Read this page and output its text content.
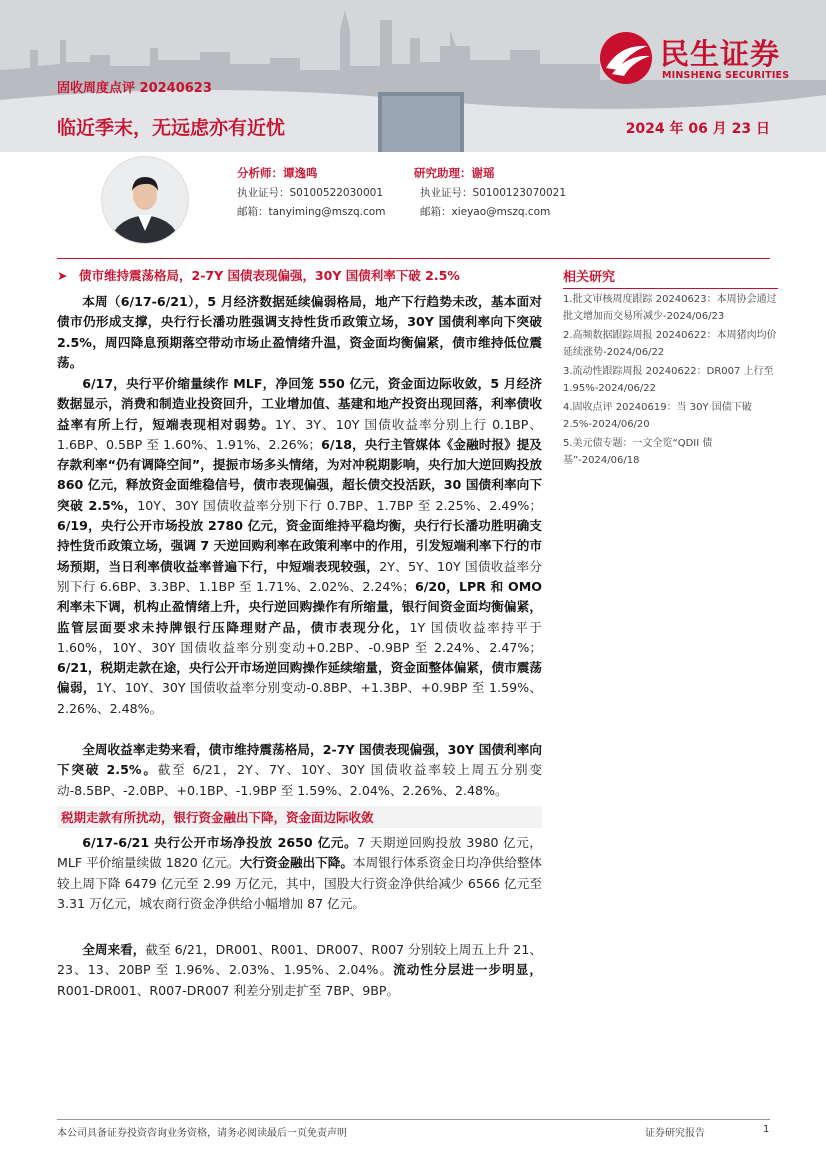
固收周度点评 20240623
临近季末，无远虑亦有近忧	2024 年 06 月 23 日
民生证券
MINSHENG SECURITIES
分析师：谭逸鸣
执业证号：S0100522030001
邮箱：tanyiming@mszq.com
研究助理：谢瑶
执业证号：S0100123070021
邮箱：xieyao@mszq.com
➤ 债市维持震荡格局，2-7Y 国债表现偏强，30Y 国债利率下破 2.5%

本周（6/17-6/21），5 月经济数据延续偏弱格局，地产下行趋势未改，基本面对债市仍形成支撑，央行行长潘功胜强调支持性货币政策立场，30Y 国债利率向下突破 2.5%，周四降息预期落空带动市场止盈情绪升温，资金面均衡偏紧，债市维持低位震荡。

6/17，央行平价缩量续作 MLF，净回笼 550 亿元，资金面边际收敛，5 月经济数据显示，消费和制造业投资回升，工业增加值、基建和地产投资出现回落，利率债收益率有所上行，短端表现相对弱势。1Y、3Y、10Y 国债收益率分别上行 0.1BP、1.6BP、0.5BP 至 1.60%、1.91%、2.26%；6/18，央行主管媒体《金融时报》提及存款利率“仍有调降空间”，提振市场多头情绪，为对冲税期影响，央行加大逆回购投放 860 亿元，释放资金面维稳信号，债市表现偏强，超长债交投活跃，30 国债利率向下突破 2.5%，10Y、30Y 国债收益率分别下行 0.7BP、1.7BP 至 2.25%、2.49%；6/19，央行公开市场投放 2780 亿元，资金面维持平稳均衡，央行行长潘功胜明确支持性货币政策立场，强调 7 天逆回购利率在政策利率中的作用，引发短端利率下行的市场预期，当日利率债收益率普遍下行，中短端表现较强，2Y、5Y、10Y 国债收益率分别下行 6.6BP、3.3BP、1.1BP 至 1.71%、2.02%、2.24%；6/20，LPR 和 OMO 利率未下调，机构止盈情绪上升，央行逆回购操作有所缩量，银行间资金面均衡偏紧，监管层面要求未持牌银行压降理财产品，债市表现分化，1Y 国债收益率持平于 1.60%，10Y、30Y 国债收益率分别变动+0.2BP、-0.9BP 至 2.24%、2.47%；6/21，税期走款在途，央行公开市场逆回购操作延续缩量，资金面整体偏紧，债市震荡偏弱，1Y、10Y、30Y 国债收益率分别变动-0.8BP、+1.3BP、+0.9BP 至 1.59%、2.26%、2.48%。

全周收益率走势来看，债市维持震荡格局，2-7Y 国债表现偏强，30Y 国债利率向下突破 2.5%。截至 6/21，2Y、7Y、10Y、30Y 国债收益率较上周五分别变动-8.5BP、-2.0BP、+0.1BP、-1.9BP 至 1.59%、2.04%、2.26%、2.48%。

税期走款有所扰动，银行资金融出下降，资金面边际收敛

6/17-6/21 央行公开市场净投放 2650 亿元。7 天期逆回购投放 3980 亿元，MLF 平价缩量续做 1820 亿元。大行资金融出下降。本周银行体系资金日均净供给整体较上周下降 6479 亿元至 2.99 万亿元，其中，国股大行资金净供给减少 6566 亿元至 3.31 万亿元，城农商行资金净供给小幅增加 87 亿元。

全周来看，截至 6/21，DR001、R001、DR007、R007 分别较上周五上升 21、23、13、20BP 至 1.96%、2.03%、1.95%、2.04%。流动性分层进一步明显，R001-DR001、R007-DR007 利差分别走扩至 7BP、9BP。

相关研究
1.批文审核周度跟踪 20240623：本周协会通过批文增加而交易所减少-2024/06/23
2.高频数据跟踪周报 20240622：本周猪肉均价延续涨势-2024/06/22
3.流动性跟踪周报 20240622：DR007 上行至 1.95%-2024/06/22
4.固收点评 20240619：当 30Y 国债下破 2.5%-2024/06/20
5.美元债专题：一文全览“QDII 债基”-2024/06/18
本公司具备证券投资咨询业务资格，请务必阅读最后一页免责声明	证券研究报告	1
